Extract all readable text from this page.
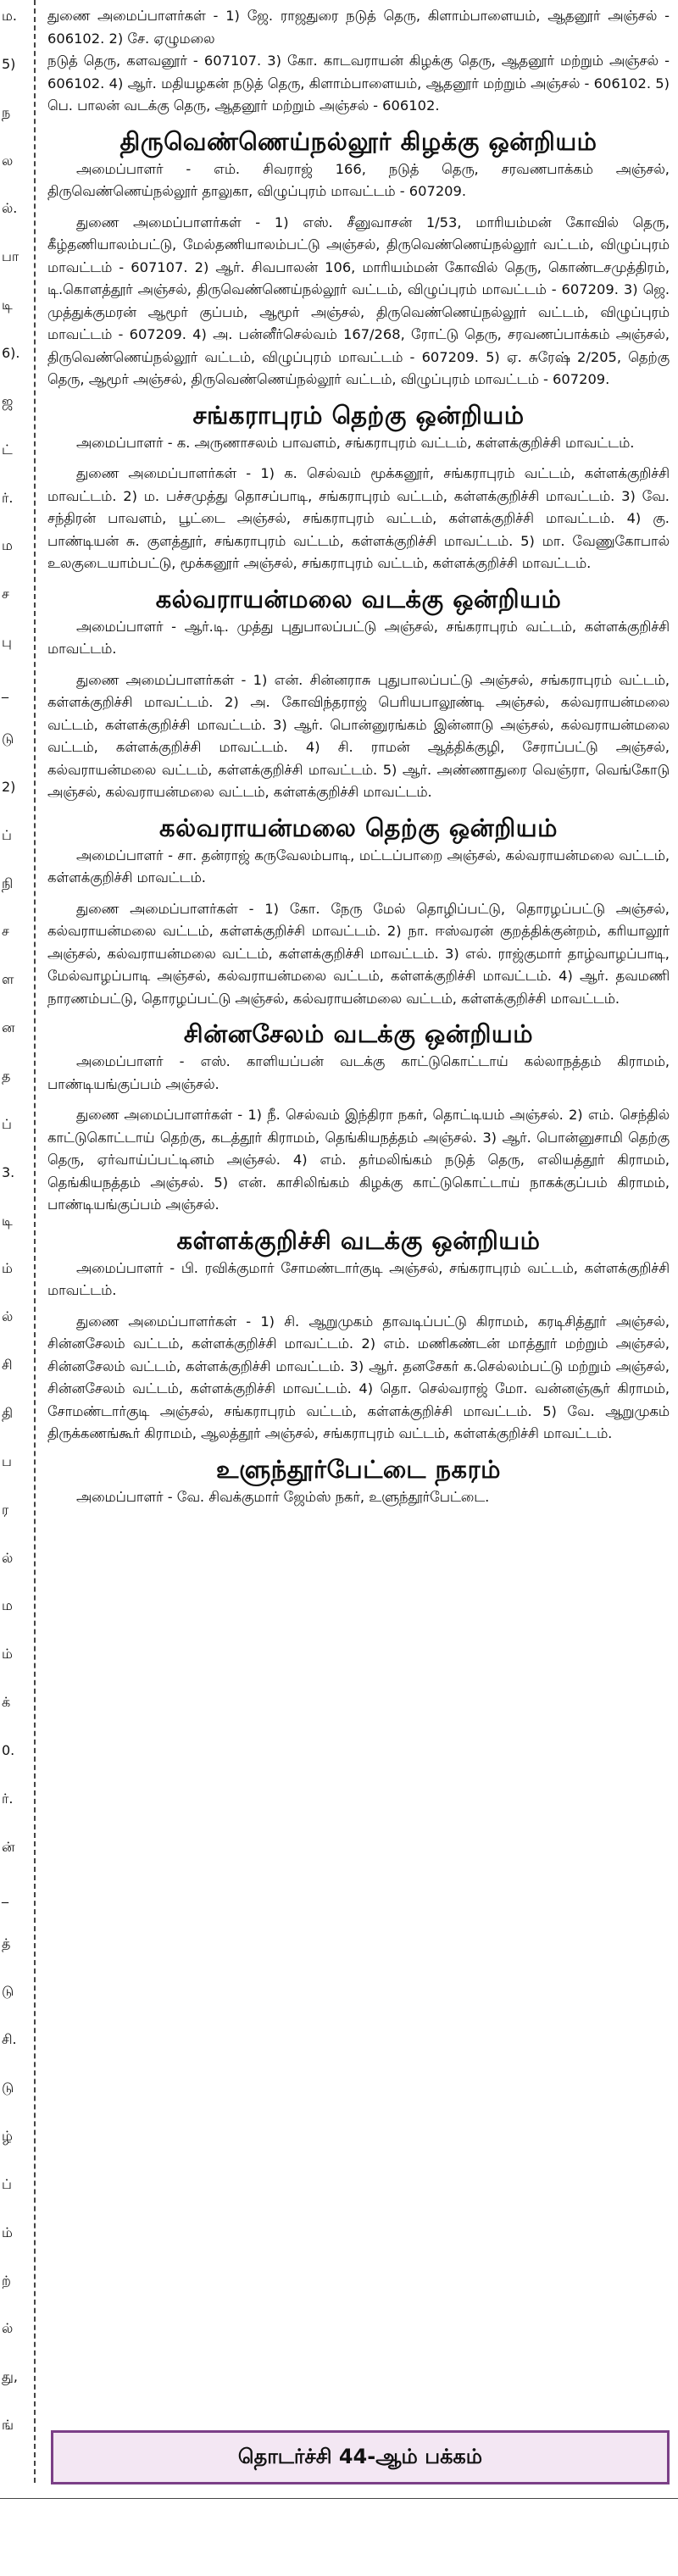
ம.
5)
ந
ல
ல்.
பா
டி
6).
ஜ
ட்
ர்.
ம
ச
பு
_
டு
2)
ப்
நி
ச
ள
ன
த
ப்
3.
டி
ம்
ல்
சி
தி
ப
ர
ல்
ம
ம்
க்
0.
ர்.
ன்
_
த்
டு
சி.
டு
ழ்
ப்
ம்
ற்
ல்
து,
ங்

துணை அமைப்பாளர்கள் - 1) ஜே. ராஜதுரை நடுத் தெரு, கிளாம்பாளையம், ஆதனூர் அஞ்சல் - 606102. 2) சே. ஏழுமலை

நடுத் தெரு, களவனூர் - 607107. 3) கோ. காடவராயன் கிழக்கு தெரு, ஆதனூர் மற்றும் அஞ்சல் - 606102. 4) ஆர். மதியழகன் நடுத் தெரு, கிளாம்பாளையம், ஆதனூர் மற்றும் அஞ்சல் - 606102. 5) பெ. பாலன் வடக்கு தெரு, ஆதனூர் மற்றும் அஞ்சல் - 606102.

திருவெண்ணெய்நல்லூர் கிழக்கு ஒன்றியம்

அமைப்பாளர் - எம். சிவராஜ் 166, நடுத் தெரு, சரவணபாக்கம் அஞ்சல், திருவெண்ணெய்நல்லூர் தாலுகா, விழுப்புரம் மாவட்டம் - 607209.

துணை அமைப்பாளர்கள் - 1) எஸ். சீனுவாசன் 1/53, மாரியம்மன் கோவில் தெரு, கீழ்தணியாலம்பட்டு, மேல்தணியாலம்பட்டு அஞ்சல், திருவெண்ணெய்நல்லூர் வட்டம், விழுப்புரம் மாவட்டம் - 607107. 2) ஆர். சிவபாலன் 106, மாரியம்மன் கோவில் தெரு, கொண்டசமுத்திரம், டி.கொளத்தூர் அஞ்சல், திருவெண்ணெய்நல்லூர் வட்டம், விழுப்புரம் மாவட்டம் - 607209. 3) ஜெ. முத்துக்குமரன் ஆமூர் குப்பம், ஆமூர் அஞ்சல், திருவெண்ணெய்நல்லூர் வட்டம், விழுப்புரம் மாவட்டம் - 607209. 4) அ. பன்னீர்செல்வம் 167/268, ரோட்டு தெரு, சரவணப்பாக்கம் அஞ்சல், திருவெண்ணெய்நல்லூர் வட்டம், விழுப்புரம் மாவட்டம் - 607209. 5) ஏ. சுரேஷ் 2/205, தெற்கு தெரு, ஆமூர் அஞ்சல், திருவெண்ணெய்நல்லூர் வட்டம், விழுப்புரம் மாவட்டம் - 607209.

சங்கராபுரம் தெற்கு ஒன்றியம்

அமைப்பாளர் - க. அருணாசலம் பாவளம், சங்கராபுரம் வட்டம், கள்ளக்குறிச்சி மாவட்டம்.

துணை அமைப்பாளர்கள் - 1) க. செல்வம் மூக்கனூர், சங்கராபுரம் வட்டம், கள்ளக்குறிச்சி மாவட்டம். 2) ம. பச்சமுத்து தொசப்பாடி, சங்கராபுரம் வட்டம், கள்ளக்குறிச்சி மாவட்டம். 3) வே. சந்திரன் பாவளம், பூட்டை அஞ்சல், சங்கராபுரம் வட்டம், கள்ளக்குறிச்சி மாவட்டம். 4) கு. பாண்டியன் சு. குளத்தூர், சங்கராபுரம் வட்டம், கள்ளக்குறிச்சி மாவட்டம். 5) மா. வேணுகோபால் உலகுடையாம்பட்டு, மூக்கனூர் அஞ்சல், சங்கராபுரம் வட்டம், கள்ளக்குறிச்சி மாவட்டம்.

கல்வராயன்மலை வடக்கு ஒன்றியம்

அமைப்பாளர் - ஆர்.டி. முத்து புதுபாலப்பட்டு அஞ்சல், சங்கராபுரம் வட்டம், கள்ளக்குறிச்சி மாவட்டம்.

துணை அமைப்பாளர்கள் - 1) என். சின்னராசு புதுபாலப்பட்டு அஞ்சல், சங்கராபுரம் வட்டம், கள்ளக்குறிச்சி மாவட்டம். 2) அ. கோவிந்தராஜ் பெரியபாலூண்டி அஞ்சல், கல்வராயன்மலை வட்டம், கள்ளக்குறிச்சி மாவட்டம். 3) ஆர். பொன்னுரங்கம் இன்னாடு அஞ்சல், கல்வராயன்மலை வட்டம், கள்ளக்குறிச்சி மாவட்டம். 4) சி. ராமன் ஆத்திக்குழி, சேராப்பட்டு அஞ்சல், கல்வராயன்மலை வட்டம், கள்ளக்குறிச்சி மாவட்டம். 5) ஆர். அண்ணாதுரை வெஞ்ரா, வெங்கோடு அஞ்சல், கல்வராயன்மலை வட்டம், கள்ளக்குறிச்சி மாவட்டம்.

கல்வராயன்மலை தெற்கு ஒன்றியம்

அமைப்பாளர் - சா. தன்ராஜ் கருவேலம்பாடி, மட்டப்பாறை அஞ்சல், கல்வராயன்மலை வட்டம், கள்ளக்குறிச்சி மாவட்டம்.

துணை அமைப்பாளர்கள் - 1) கோ. நேரு மேல் தொழிப்பட்டு, தொரழப்பட்டு அஞ்சல், கல்வராயன்மலை வட்டம், கள்ளக்குறிச்சி மாவட்டம். 2) நா. ஈஸ்வரன் குறத்திக்குன்றம், கரியாலூர் அஞ்சல், கல்வராயன்மலை வட்டம், கள்ளக்குறிச்சி மாவட்டம். 3) எல். ராஜ்குமார் தாழ்வாழப்பாடி, மேல்வாழப்பாடி அஞ்சல், கல்வராயன்மலை வட்டம், கள்ளக்குறிச்சி மாவட்டம். 4) ஆர். தவமணி நாரணம்பட்டு, தொரழப்பட்டு அஞ்சல், கல்வராயன்மலை வட்டம், கள்ளக்குறிச்சி மாவட்டம்.

சின்னசேலம் வடக்கு ஒன்றியம்

அமைப்பாளர் - எஸ். காளியப்பன் வடக்கு காட்டுகொட்டாய் கல்லாநத்தம் கிராமம், பாண்டியங்குப்பம் அஞ்சல்.

துணை அமைப்பாளர்கள் - 1) நீ. செல்வம் இந்திரா நகர், தொட்டியம் அஞ்சல். 2) எம். செந்தில் காட்டுகொட்டாய் தெற்கு, கடத்தூர் கிராமம், தெங்கியநத்தம் அஞ்சல். 3) ஆர். பொன்னுசாமி தெற்கு தெரு, ஏர்வாய்ப்பட்டினம் அஞ்சல். 4) எம். தர்மலிங்கம் நடுத் தெரு, எலியத்தூர் கிராமம், தெங்கியநத்தம் அஞ்சல். 5) என். காசிலிங்கம் கிழக்கு காட்டுகொட்டாய் நாகக்குப்பம் கிராமம், பாண்டியங்குப்பம் அஞ்சல்.

கள்ளக்குறிச்சி வடக்கு ஒன்றியம்

அமைப்பாளர் - பி. ரவிக்குமார் சோமண்டார்குடி அஞ்சல், சங்கராபுரம் வட்டம், கள்ளக்குறிச்சி மாவட்டம்.

துணை அமைப்பாளர்கள் - 1) சி. ஆறுமுகம் தாவடிப்பட்டு கிராமம், கரடிசித்தூர் அஞ்சல், சின்னசேலம் வட்டம், கள்ளக்குறிச்சி மாவட்டம். 2) எம். மணிகண்டன் மாத்தூர் மற்றும் அஞ்சல், சின்னசேலம் வட்டம், கள்ளக்குறிச்சி மாவட்டம். 3) ஆர். தனசேகர் க.செல்லம்பட்டு மற்றும் அஞ்சல், சின்னசேலம் வட்டம், கள்ளக்குறிச்சி மாவட்டம். 4) தொ. செல்வராஜ் மோ. வன்னஞ்சூர் கிராமம், சோமண்டார்குடி அஞ்சல், சங்கராபுரம் வட்டம், கள்ளக்குறிச்சி மாவட்டம். 5) வே. ஆறுமுகம் திருக்கணங்கூர் கிராமம், ஆலத்தூர் அஞ்சல், சங்கராபுரம் வட்டம், கள்ளக்குறிச்சி மாவட்டம்.

உளுந்தூர்பேட்டை நகரம்

அமைப்பாளர் - வே. சிவக்குமார் ஜேம்ஸ் நகர், உளுந்தூர்பேட்டை.

தொடர்ச்சி 44-ஆம் பக்கம்
